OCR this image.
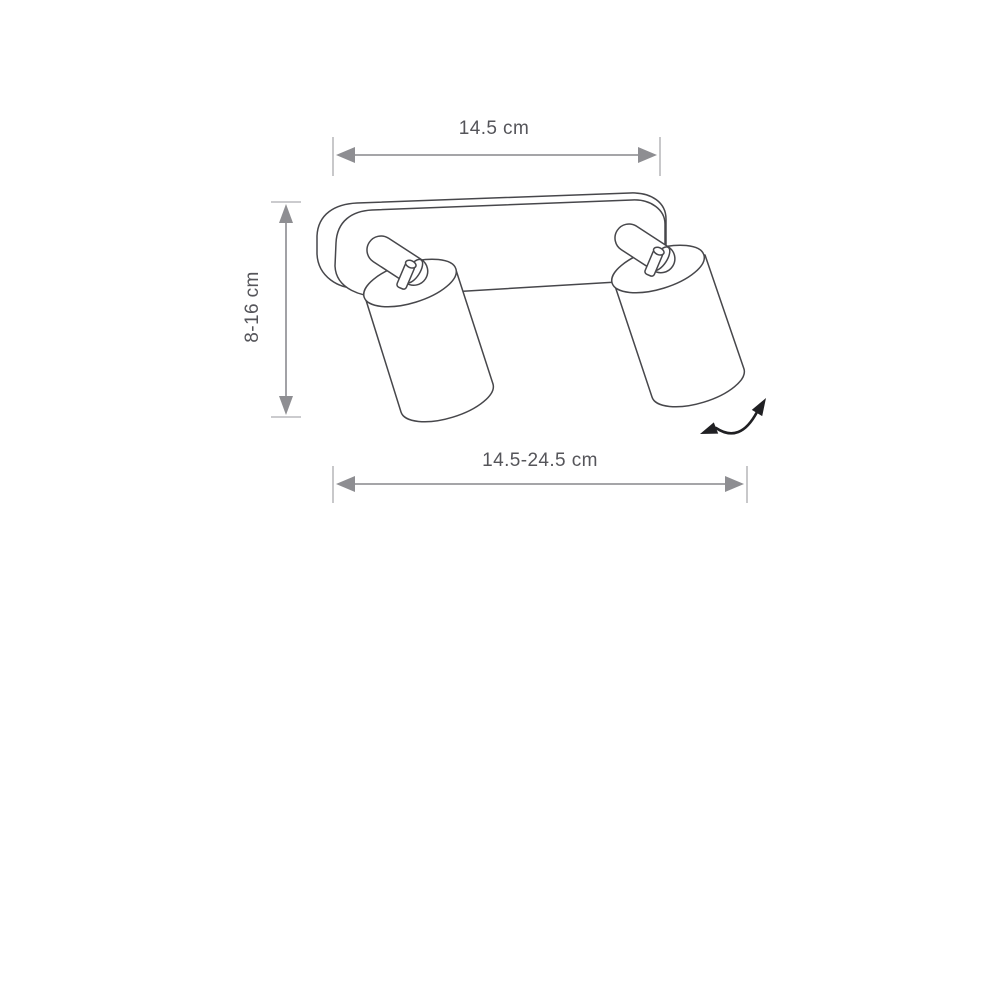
14.5 cm
8-16 cm
14.5-24.5 cm
